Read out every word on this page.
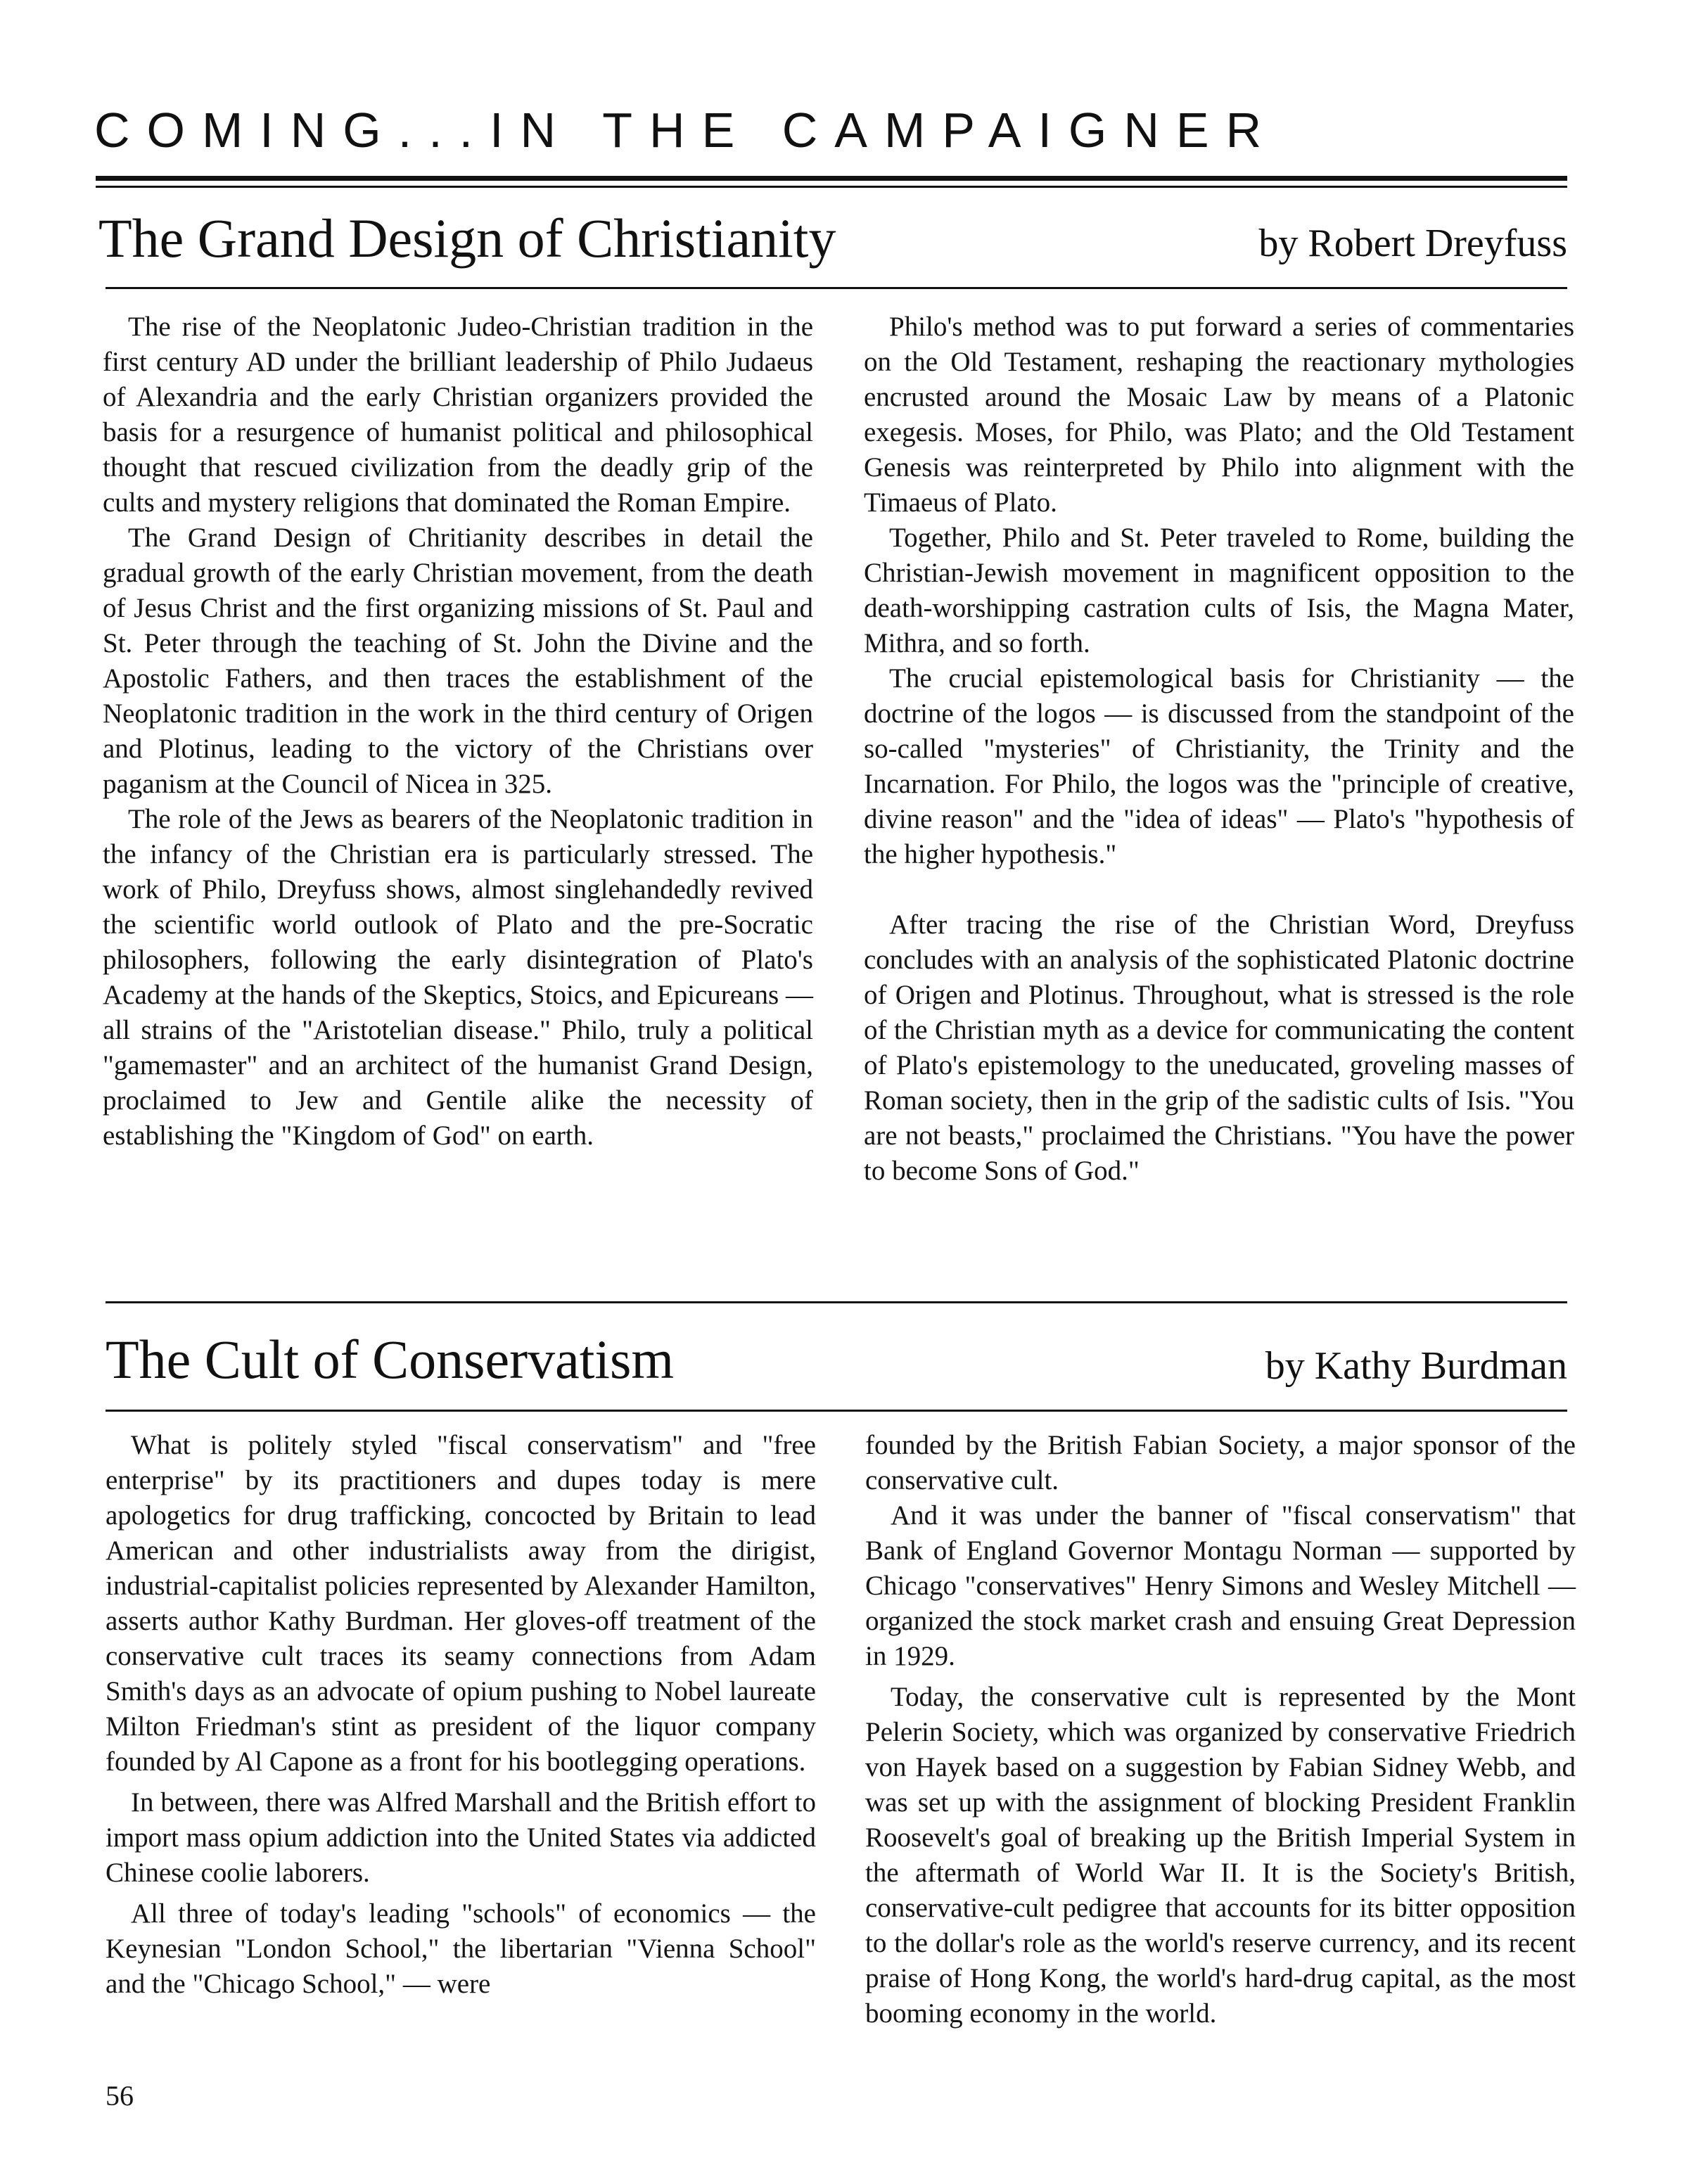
COMING...IN THE CAMPAIGNER
The Grand Design of Christianity	by Robert Dreyfuss

The rise of the Neoplatonic Judeo-Christian tradition in the first century AD under the brilliant leadership of Philo Judaeus of Alexandria and the early Christian organizers provided the basis for a resurgence of humanist political and philosophical thought that rescued civilization from the deadly grip of the cults and mystery religions that dominated the Roman Empire.

The Grand Design of Chritianity describes in detail the gradual growth of the early Christian movement, from the death of Jesus Christ and the first organizing missions of St. Paul and St. Peter through the teaching of St. John the Divine and the Apostolic Fathers, and then traces the establishment of the Neoplatonic tradition in the work in the third century of Origen and Plotinus, leading to the victory of the Christians over paganism at the Council of Nicea in 325.

The role of the Jews as bearers of the Neoplatonic tradition in the infancy of the Christian era is particularly stressed. The work of Philo, Dreyfuss shows, almost singlehandedly revived the scientific world outlook of Plato and the pre-Socratic philosophers, following the early disintegration of Plato's Academy at the hands of the Skeptics, Stoics, and Epicureans — all strains of the "Aristotelian disease." Philo, truly a political "gamemaster" and an architect of the humanist Grand Design, proclaimed to Jew and Gentile alike the necessity of establishing the "Kingdom of God" on earth.

Philo's method was to put forward a series of commentaries on the Old Testament, reshaping the reactionary mythologies encrusted around the Mosaic Law by means of a Platonic exegesis. Moses, for Philo, was Plato; and the Old Testament Genesis was reinterpreted by Philo into alignment with the Timaeus of Plato.

Together, Philo and St. Peter traveled to Rome, building the Christian-Jewish movement in magnificent opposition to the death-worshipping castration cults of Isis, the Magna Mater, Mithra, and so forth.

The crucial epistemological basis for Christianity — the doctrine of the logos — is discussed from the standpoint of the so-called "mysteries" of Christianity, the Trinity and the Incarnation. For Philo, the logos was the "principle of creative, divine reason" and the "idea of ideas" — Plato's "hypothesis of the higher hypothesis."

After tracing the rise of the Christian Word, Dreyfuss concludes with an analysis of the sophisticated Platonic doctrine of Origen and Plotinus. Throughout, what is stressed is the role of the Christian myth as a device for communicating the content of Plato's epistemology to the uneducated, groveling masses of Roman society, then in the grip of the sadistic cults of Isis. "You are not beasts," proclaimed the Christians. "You have the power to become Sons of God."

The Cult of Conservatism	by Kathy Burdman

What is politely styled "fiscal conservatism" and "free enterprise" by its practitioners and dupes today is mere apologetics for drug trafficking, concocted by Britain to lead American and other industrialists away from the dirigist, industrial-capitalist policies represented by Alexander Hamilton, asserts author Kathy Burdman. Her gloves-off treatment of the conservative cult traces its seamy connections from Adam Smith's days as an advocate of opium pushing to Nobel laureate Milton Friedman's stint as president of the liquor company founded by Al Capone as a front for his bootlegging operations.

In between, there was Alfred Marshall and the British effort to import mass opium addiction into the United States via addicted Chinese coolie laborers.

All three of today's leading "schools" of economics — the Keynesian "London School," the libertarian "Vienna School" and the "Chicago School," — were

founded by the British Fabian Society, a major sponsor of the conservative cult.

And it was under the banner of "fiscal conservatism" that Bank of England Governor Montagu Norman — supported by Chicago "conservatives" Henry Simons and Wesley Mitchell — organized the stock market crash and ensuing Great Depression in 1929.

Today, the conservative cult is represented by the Mont Pelerin Society, which was organized by conservative Friedrich von Hayek based on a suggestion by Fabian Sidney Webb, and was set up with the assignment of blocking President Franklin Roosevelt's goal of breaking up the British Imperial System in the aftermath of World War II. It is the Society's British, conservative-cult pedigree that accounts for its bitter opposition to the dollar's role as the world's reserve currency, and its recent praise of Hong Kong, the world's hard-drug capital, as the most booming economy in the world.

56
